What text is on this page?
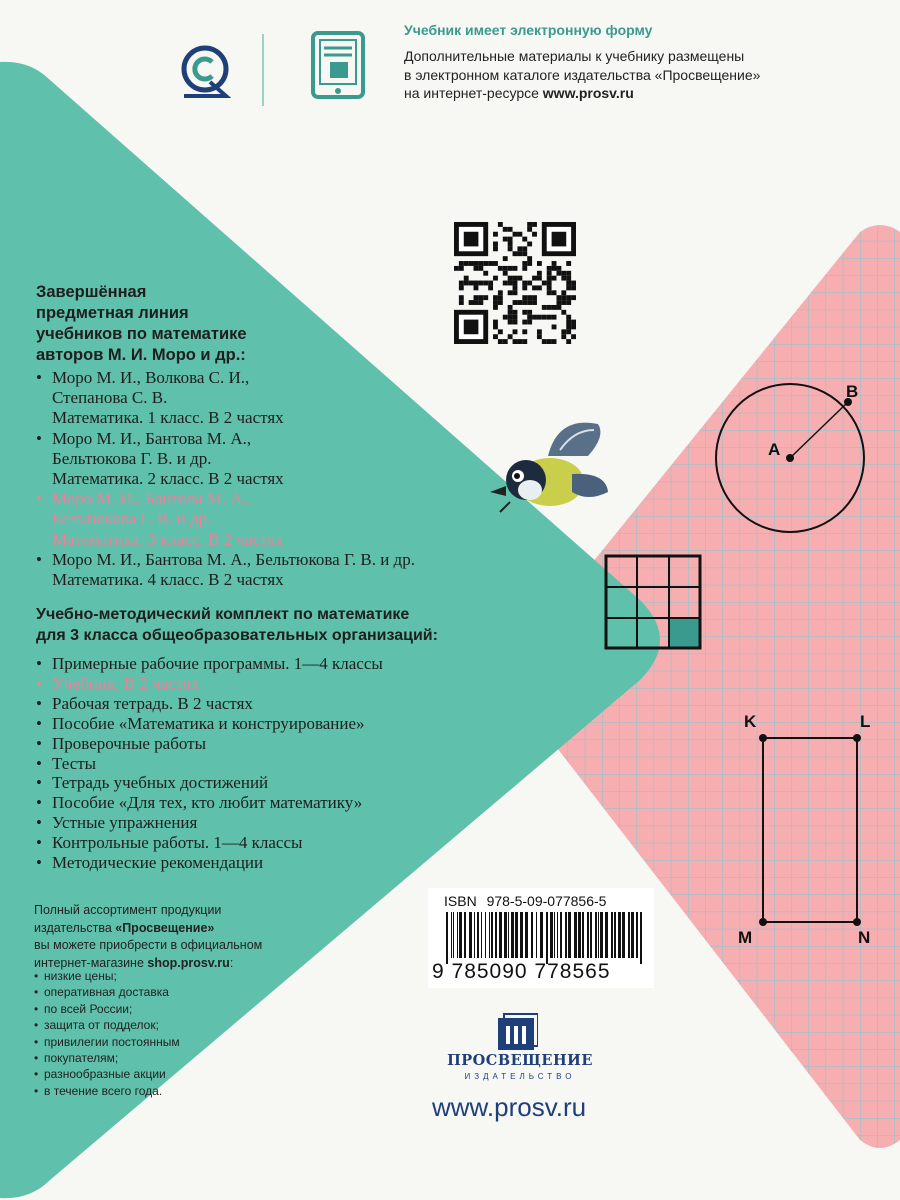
Учебник имеет электронную форму
Дополнительные материалы к учебнику размещены
в электронном каталоге издательства «Просвещение»
на интернет-ресурсе www.prosv.ru
A
B
K	L
M	N
Завершённая
предметная линия
учебников по математике
авторов М. И. Моро и др.:
• Моро М. И., Волкова С. И.,
Степанова С. В.
Математика. 1 класс. В 2 частях
• Моро М. И., Бантова М. А.,
Бельтюкова Г. В. и др.
Математика. 2 класс. В 2 частях
• Моро М. И., Бантова М. А.,
Бельтюкова Г. В. и др.
Математика. 3 класс. В 2 частях
• Моро М. И., Бантова М. А., Бельтюкова Г. В. и др.
Математика. 4 класс. В 2 частях
Учебно-методический комплект по математике
для 3 класса общеобразовательных организаций:
• Примерные рабочие программы. 1—4 классы
• Учебник. В 2 частях
• Рабочая тетрадь. В 2 частях
• Пособие «Математика и конструирование»
• Проверочные работы
• Тесты
• Тетрадь учебных достижений
• Пособие «Для тех, кто любит математику»
• Устные упражнения
• Контрольные работы. 1—4 классы
• Методические рекомендации
Полный ассортимент продукции
издательства «Просвещение»
вы можете приобрести в официальном
интернет-магазине shop.prosv.ru:
• низкие цены;
• оперативная доставка
• по всей России;
• защита от подделок;
• привилегии постоянным
• покупателям;
• разнообразные акции
• в течение всего года.
ISBN 978-5-09-077856-5
9 785090 778565
ПРОСВЕЩЕНИЕ
ИЗДАТЕЛЬСТВО
www.prosv.ru
